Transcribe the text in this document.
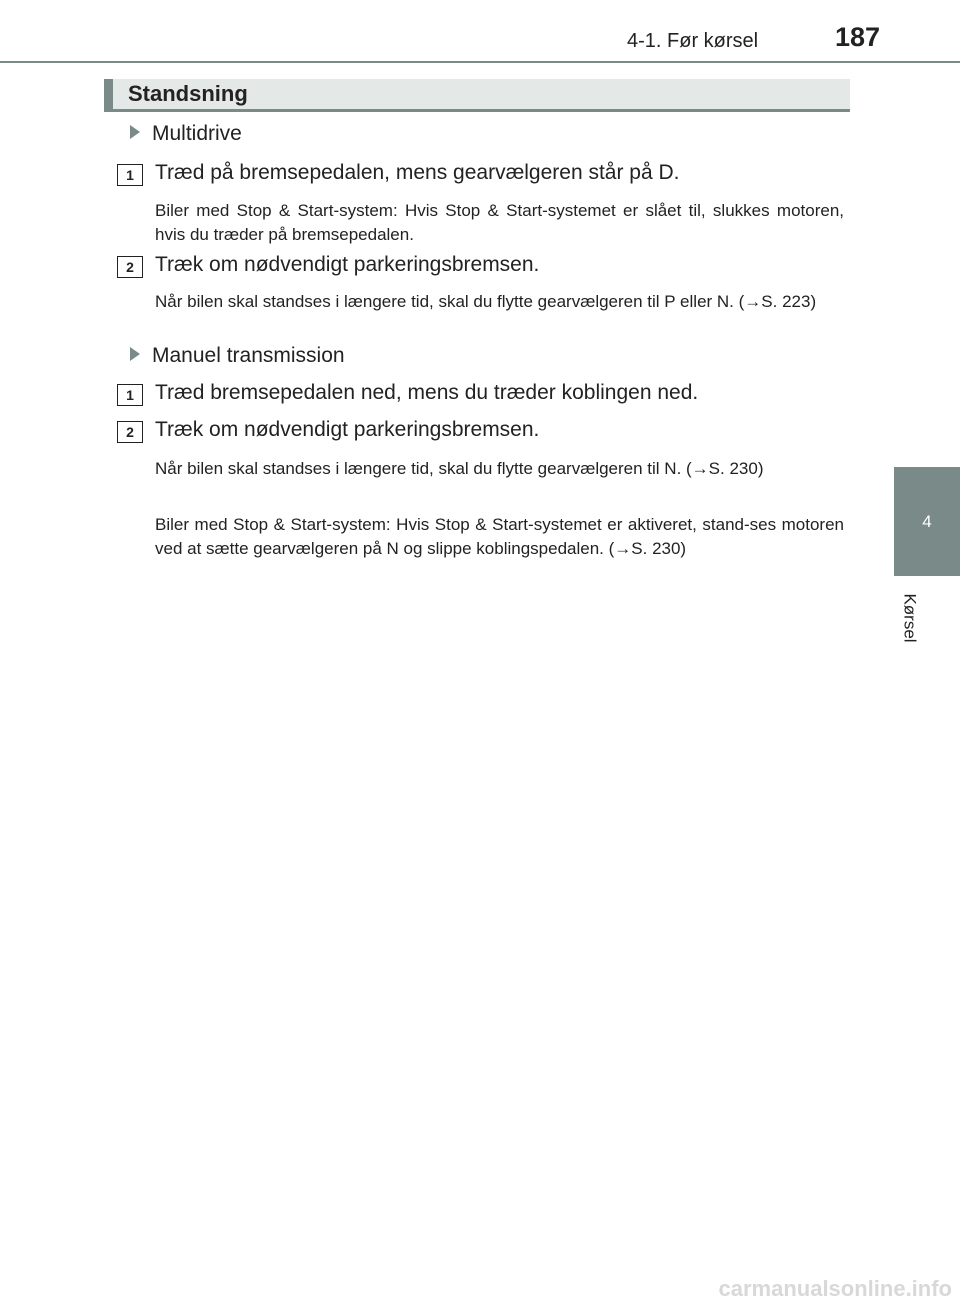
4-1. Før kørsel	187
4
Kørsel
Standsning
Multidrive
1	Træd på bremsepedalen, mens gearvælgeren står på D.
Biler med Stop & Start-system: Hvis Stop & Start-systemet er slået til, slukkes motoren, hvis du træder på bremsepedalen.
2	Træk om nødvendigt parkeringsbremsen.
Når bilen skal standses i længere tid, skal du flytte gearvælgeren til P eller N. (→S. 223)
Manuel transmission
1	Træd bremsepedalen ned, mens du træder koblingen ned.
2	Træk om nødvendigt parkeringsbremsen.
Når bilen skal standses i længere tid, skal du flytte gearvælgeren til N. (→S. 230)
Biler med Stop & Start-system: Hvis Stop & Start-systemet er aktiveret, stand-ses motoren ved at sætte gearvælgeren på N og slippe koblingspedalen. (→S. 230)
carmanualsonline.info
